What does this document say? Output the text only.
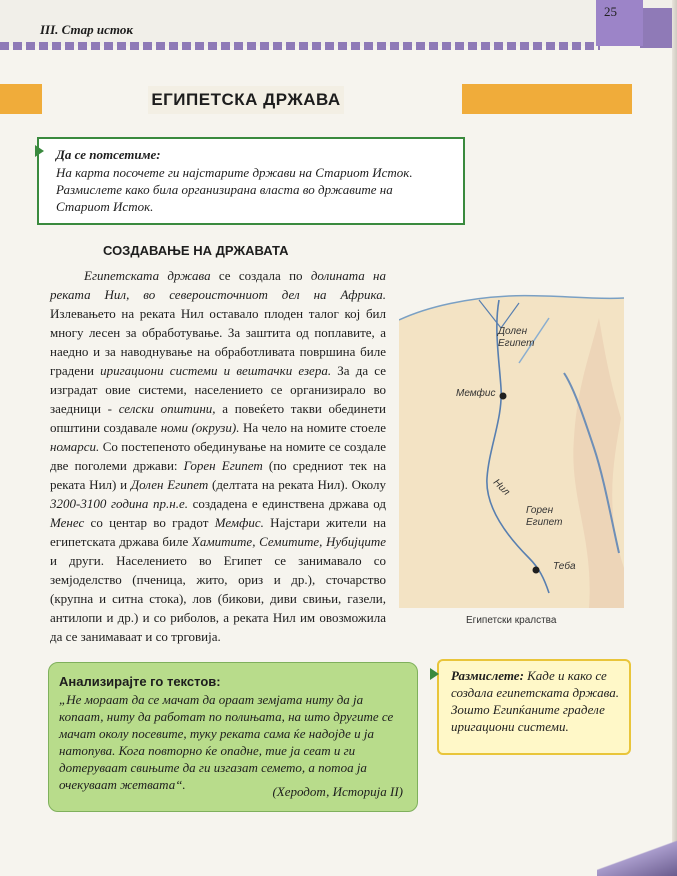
III. Стар исток
25
ЕГИПЕТСКА ДРЖАВА
Да се потсетиме:
На карта посочете ги најстарите држави на Стариот Исток.
Размислете како била организирана власта во државите на
Стариот Исток.
СОЗДАВАЊЕ НА ДРЖАВАТА

Египетската држава се создала по долината на реката Нил, во североисточниот дел на Африка. Излевањето на реката Нил оставало плоден талог кој бил многу лесен за обработување. За заштита од поплавите, а наедно и за наводнување на обработливата површина биле градени иригациони системи и вештачки езера. За да се изградат овие системи, населението се организирало во заедници - селски општини, а повеќето такви обединети општини создавале номи (окрузи). На чело на номите стоеле номарси. Со постепеното обединување на номите се создале две поголеми држави: Горен Египет (по средниот тек на реката Нил) и Долен Египет (делтата на реката Нил). Околу 3200-3100 година пр.н.е. создадена е единствена држава од Менес со центар во градот Мемфис. Најстари жители на египетската држава биле Хамитите, Семитите, Нубијците и други. Населението во Египет се занимавало со земјоделство (пченица, жито, ориз и др.), сточарство (крупна и ситна стока), лов (бикови, диви свињи, газели, антилопи и др.) и со риболов, а реката Нил им овозможила да се занимаваат и со трговија.

Долен Египет
Мемфис
Нил
Горен Египет
Теба
Египетски кралства
Анализирајте го текстов:
„Не мораат да се мачат да ораат земјата ниту да ја копаат, ниту да работат по полињата, на што другите се мачат околу посевите, туку реката сама ќе надојде и ја натопува. Кога повторно ќе опадне, тие ја сеат и ги дотеруваат свињите да ги изгазат семето, а потоа ја очекуваат жетвата“.	(Херодот, Историја II)
Размислете: Каде и како се создала египетската држава. Зошто Египќаните граделе иригациони системи.
